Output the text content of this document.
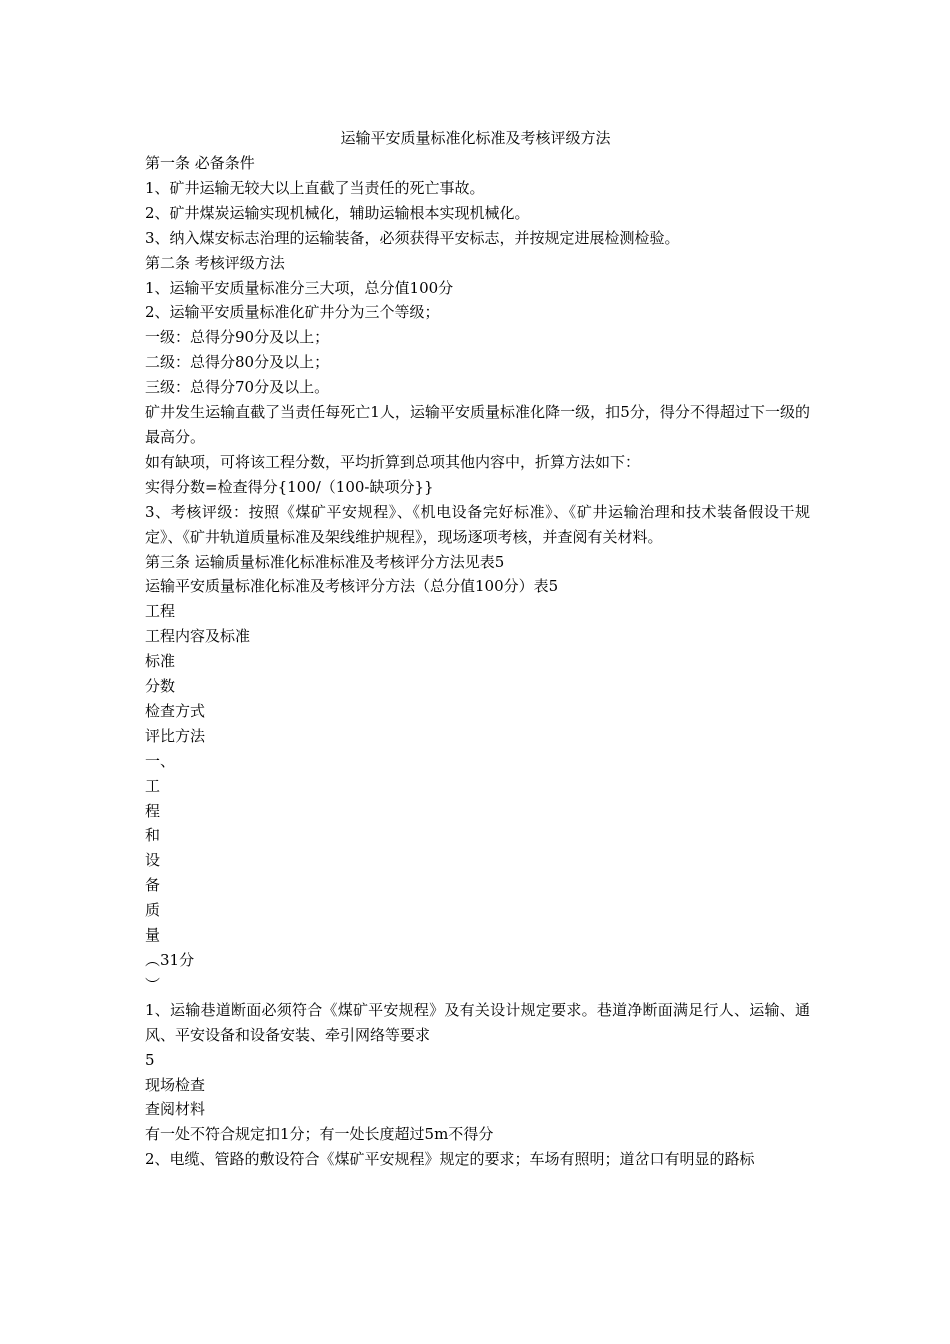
运输平安质量标准化标准及考核评级方法
第一条 必备条件
1、矿井运输无较大以上直截了当责任的死亡事故。
2、矿井煤炭运输实现机械化，辅助运输根本实现机械化。
3、纳入煤安标志治理的运输装备，必须获得平安标志，并按规定进展检测检验。
第二条 考核评级方法
1、运输平安质量标准分三大项，总分值100分
2、运输平安质量标准化矿井分为三个等级；
一级：总得分90分及以上；
二级：总得分80分及以上；
三级：总得分70分及以上。
矿井发生运输直截了当责任每死亡1人，运输平安质量标准化降一级，扣5分，得分不得超过下一级的最高分。
如有缺项，可将该工程分数，平均折算到总项其他内容中，折算方法如下：
实得分数=检查得分{100/（100-缺项分}}
3、考核评级：按照《煤矿平安规程》、《机电设备完好标准》、《矿井运输治理和技术装备假设干规定》、《矿井轨道质量标准及架线维护规程》，现场逐项考核，并查阅有关材料。
第三条 运输质量标准化标准标准及考核评分方法见表5
运输平安质量标准化标准及考核评分方法（总分值100分）表5
工程
工程内容及标准
标准
分数
检查方式
评比方法
一、
工
程
和
设
备
质
量
︵31分
︶
1、运输巷道断面必须符合《煤矿平安规程》及有关设计规定要求。巷道净断面满足行人、运输、通风、平安设备和设备安装、牵引网络等要求
5
现场检查
查阅材料
有一处不符合规定扣1分；有一处长度超过5m不得分
2、电缆、管路的敷设符合《煤矿平安规程》规定的要求；车场有照明；道岔口有明显的路标
